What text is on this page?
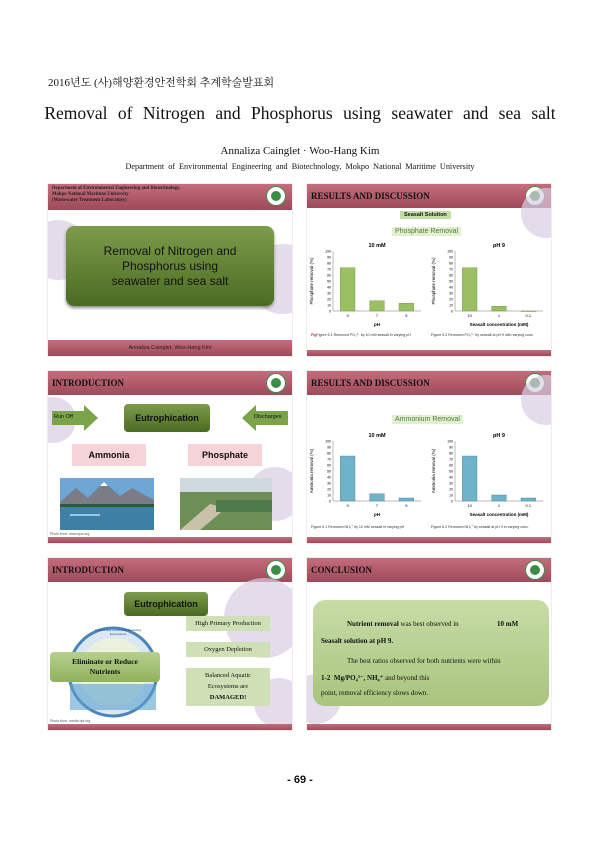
2016년도 (사)해양환경안전학회 추계학술발표회
Removal of Nitrogen and Phosphorus using seawater and sea salt
Annaliza Cainglet · Woo-Hang Kim
Department of Environmental Engineering and Biotechnology, Mokpo National Maritime University
Department of Environmental Engineering and Biotechnology,
Mokpo National Maritime University
(Wastewater Treatment Laboratory)
Removal of Nitrogen and Phosphorus using seawater and sea salt
Annaliza Cainglet, Woo-Hang Kim
RESULTS AND DISCUSSION
Seasalt Solution
Phosphate Removal
10 mM
Phosphate removal (%)
0
10
20
30
40
50
60
70
80
90
100
9	7	5
pH
pH 9
Phosphate removal (%)
0
10
20
30
40
50
60
70
80
90
100
10	1	0.1
Seasalt concentration (mM)
FigFigure 5.1 Removed PO₄³⁻ by 10 mM seasalt in varying pH	Figure 5.2 Removed PO₄³⁻ by seasalt at pH 9 with varying conc.
INTRODUCTION
Run Off	Discharges
Eutrophication
Ammonia	Phosphate
Photo from: www.epa.org
RESULTS AND DISCUSSION
Ammonium Removal
10 mM
Ammonia removal (%)
0
10
20
30
40
50
60
70
80
90
100
9	7	5
pH
pH 9
Ammonia removal (%)
0
10
20
30
40
50
60
70
80
90
100
10	1	0.1
Seasalt concentration (mM)
Figure 6.1 Removed NH₄⁺ by 10 mM seasalt in varying pH	Figure 6.2 Removed NH₄⁺ by seasalt at pH 9 in varying conc.
INTRODUCTION
Eutrophication
Nutrient and Community Restoring Ecosystems
Eliminate or Reduce Nutrients
High Primary Production
Oxygen Depletion
Balanced Aquatic
Ecosystems are
DAMAGED!
Photo from: media.hpi.org
CONCLUSION
Nutrient removal was best observed in	10 mM
Seasalt solution at pH 9.
The best ratios observed for both nutrients were within
1-2 Mg/PO₄³⁻, NH₄⁺ and beyond this
point, removal efficiency slows down.
- 69 -
